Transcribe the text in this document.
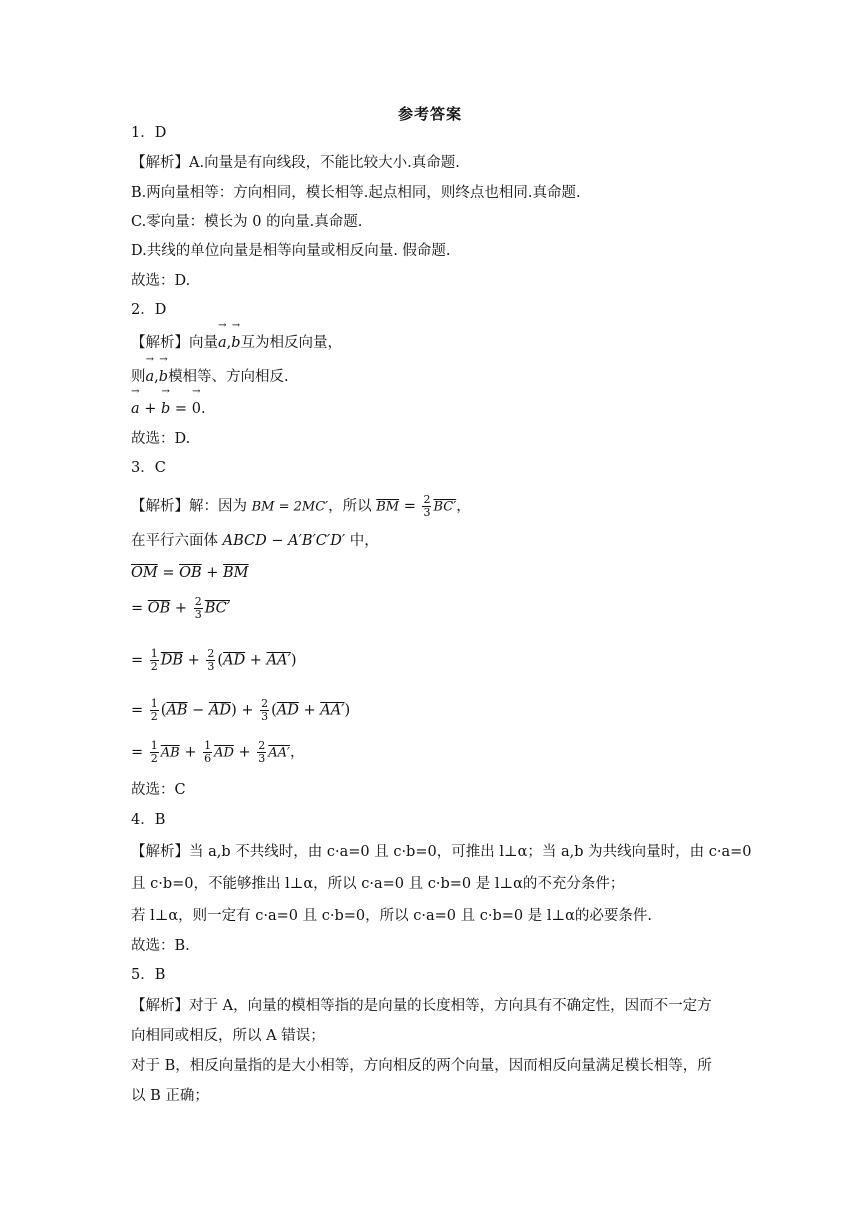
参考答案
1．D
【解析】A.向量是有向线段，不能比较大小.真命题.
B.两向量相等：方向相同，模长相等.起点相同，则终点也相同.真命题.
C.零向量：模长为 0 的向量.真命题.
D.共线的单位向量是相等向量或相反向量. 假命题.
故选：D.
2．D
【解析】向量→ a,→ b互为相反向量，
则→ a,→ b模相等、方向相反.
→ a + → b = → 0.
故选：D.
3．C
【解析】解：因为 BM = 2MC′，所以 $\overline{BM} = \frac{2}{3} BC'$，
在平行六面体 ABCD − A′B′C′D′ 中，
$\overline{OM} = \overline{OB} + \overline{BM}$
= $\overline{OB} + \frac{2}{3} BC'$
= $\frac{1}{2} \overline{DB} + \frac{2}{3} (\overline{AD} + AA')$
= $\frac{1}{2} (\overline{AB} - \overline{AD}) + \frac{2}{3} (\overline{AD} + AA')$
= $\frac{1}{2} \overline{AB} + \frac{1}{6} \overline{AD} + \frac{2}{3} AA'$，
故选：C
4．B
【解析】当 a,b 不共线时，由 c·a=0 且 c·b=0，可推出 l⊥α；当 a,b 为共线向量时，由 c·a=0
且 c·b=0，不能够推出 l⊥α，所以 c·a=0 且 c·b=0 是 l⊥α的不充分条件；
若 l⊥α，则一定有 c·a=0 且 c·b=0，所以 c·a=0 且 c·b=0 是 l⊥α的必要条件.
故选：B.
5．B
【解析】对于 A，向量的模相等指的是向量的长度相等，方向具有不确定性，因而不一定方
向相同或相反，所以 A 错误；
对于 B，相反向量指的是大小相等，方向相反的两个向量，因而相反向量满足模长相等，所
以 B 正确；
